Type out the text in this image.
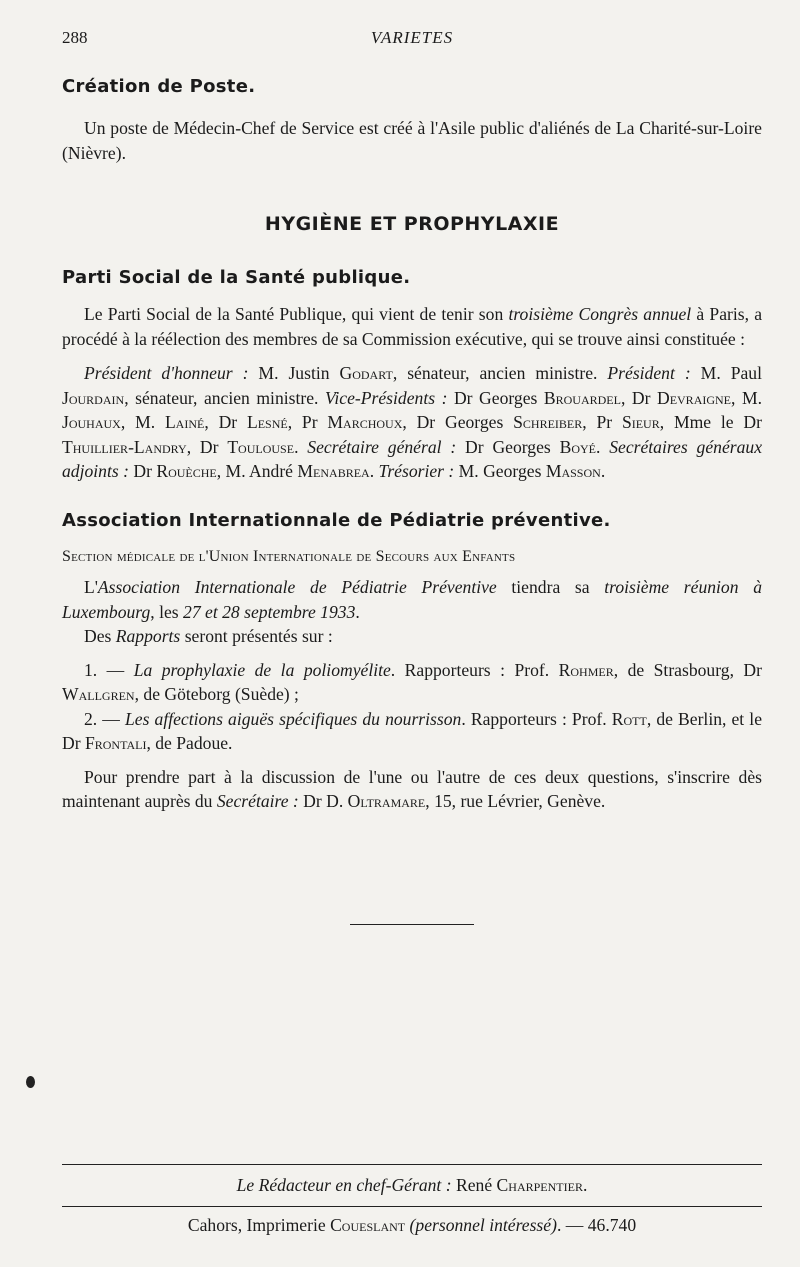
288	VARIETES
Création de Poste.

Un poste de Médecin-Chef de Service est créé à l'Asile public d'aliénés de La Charité-sur-Loire (Nièvre).

HYGIÈNE ET PROPHYLAXIE
Parti Social de la Santé publique.

Le Parti Social de la Santé Publique, qui vient de tenir son troisième Congrès annuel à Paris, a procédé à la réélection des membres de sa Commission exécutive, qui se trouve ainsi constituée :

Président d'honneur : M. Justin Godart, sénateur, ancien ministre. Président : M. Paul Jourdain, sénateur, ancien ministre. Vice-Présidents : Dr Georges Brouardel, Dr Devraigne, M. Jouhaux, M. Lainé, Dr Lesné, Pr Marchoux, Dr Georges Schreiber, Pr Sieur, Mme le Dr Thuillier-Landry, Dr Toulouse. Secrétaire général : Dr Georges Boyé. Secrétaires généraux adjoints : Dr Rouèche, M. André Menabrea. Trésorier : M. Georges Masson.

Association Internationnale de Pédiatrie préventive.

Section médicale de l'Union Internationale de Secours aux Enfants

L'Association Internationale de Pédiatrie Préventive tiendra sa troisième réunion à Luxembourg, les 27 et 28 septembre 1933.

Des Rapports seront présentés sur :

1. — La prophylaxie de la poliomyélite. Rapporteurs : Prof. Rohmer, de Strasbourg, Dr Wallgren, de Göteborg (Suède) ;

2. — Les affections aiguës spécifiques du nourrisson. Rapporteurs : Prof. Rott, de Berlin, et le Dr Frontali, de Padoue.

Pour prendre part à la discussion de l'une ou l'autre de ces deux questions, s'inscrire dès maintenant auprès du Secrétaire : Dr D. Oltramare, 15, rue Lévrier, Genève.

Le Rédacteur en chef-Gérant : René Charpentier.

Cahors, Imprimerie Coueslant (personnel intéressé). — 46.740
